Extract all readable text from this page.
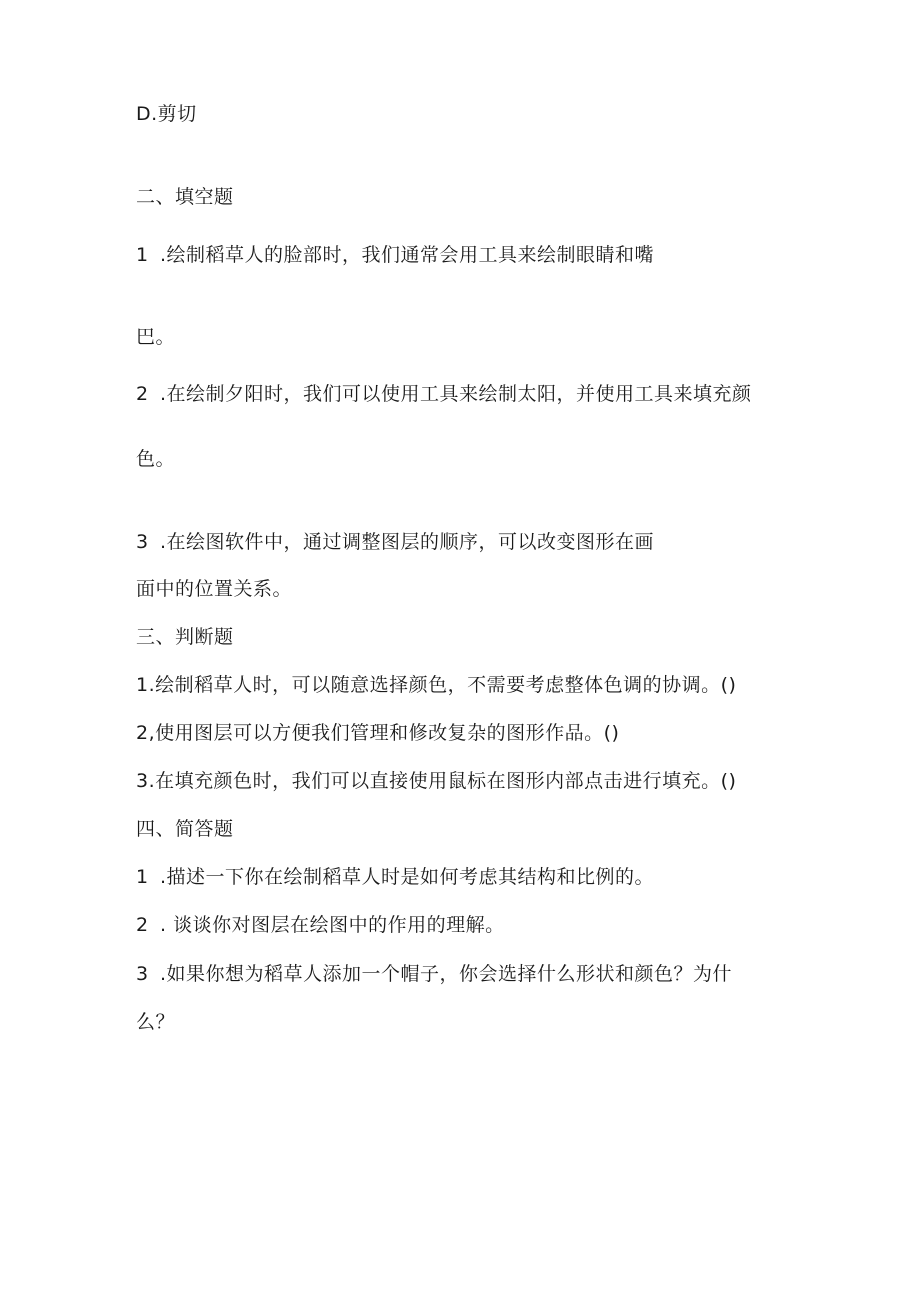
D.剪切
二、填空题
1 .绘制稻草人的脸部时，我们通常会用工具来绘制眼睛和嘴
巴。
2 .在绘制夕阳时，我们可以使用工具来绘制太阳，并使用工具来填充颜
色。
3 .在绘图软件中，通过调整图层的顺序，可以改变图形在画
面中的位置关系。
三、判断题
1.绘制稻草人时，可以随意选择颜色，不需要考虑整体色调的协调。()
2,使用图层可以方便我们管理和修改复杂的图形作品。()
3.在填充颜色时，我们可以直接使用鼠标在图形内部点击进行填充。()
四、简答题
1 .描述一下你在绘制稻草人时是如何考虑其结构和比例的。
2 . 谈谈你对图层在绘图中的作用的理解。
3 .如果你想为稻草人添加一个帽子，你会选择什么形状和颜色？为什
么？
